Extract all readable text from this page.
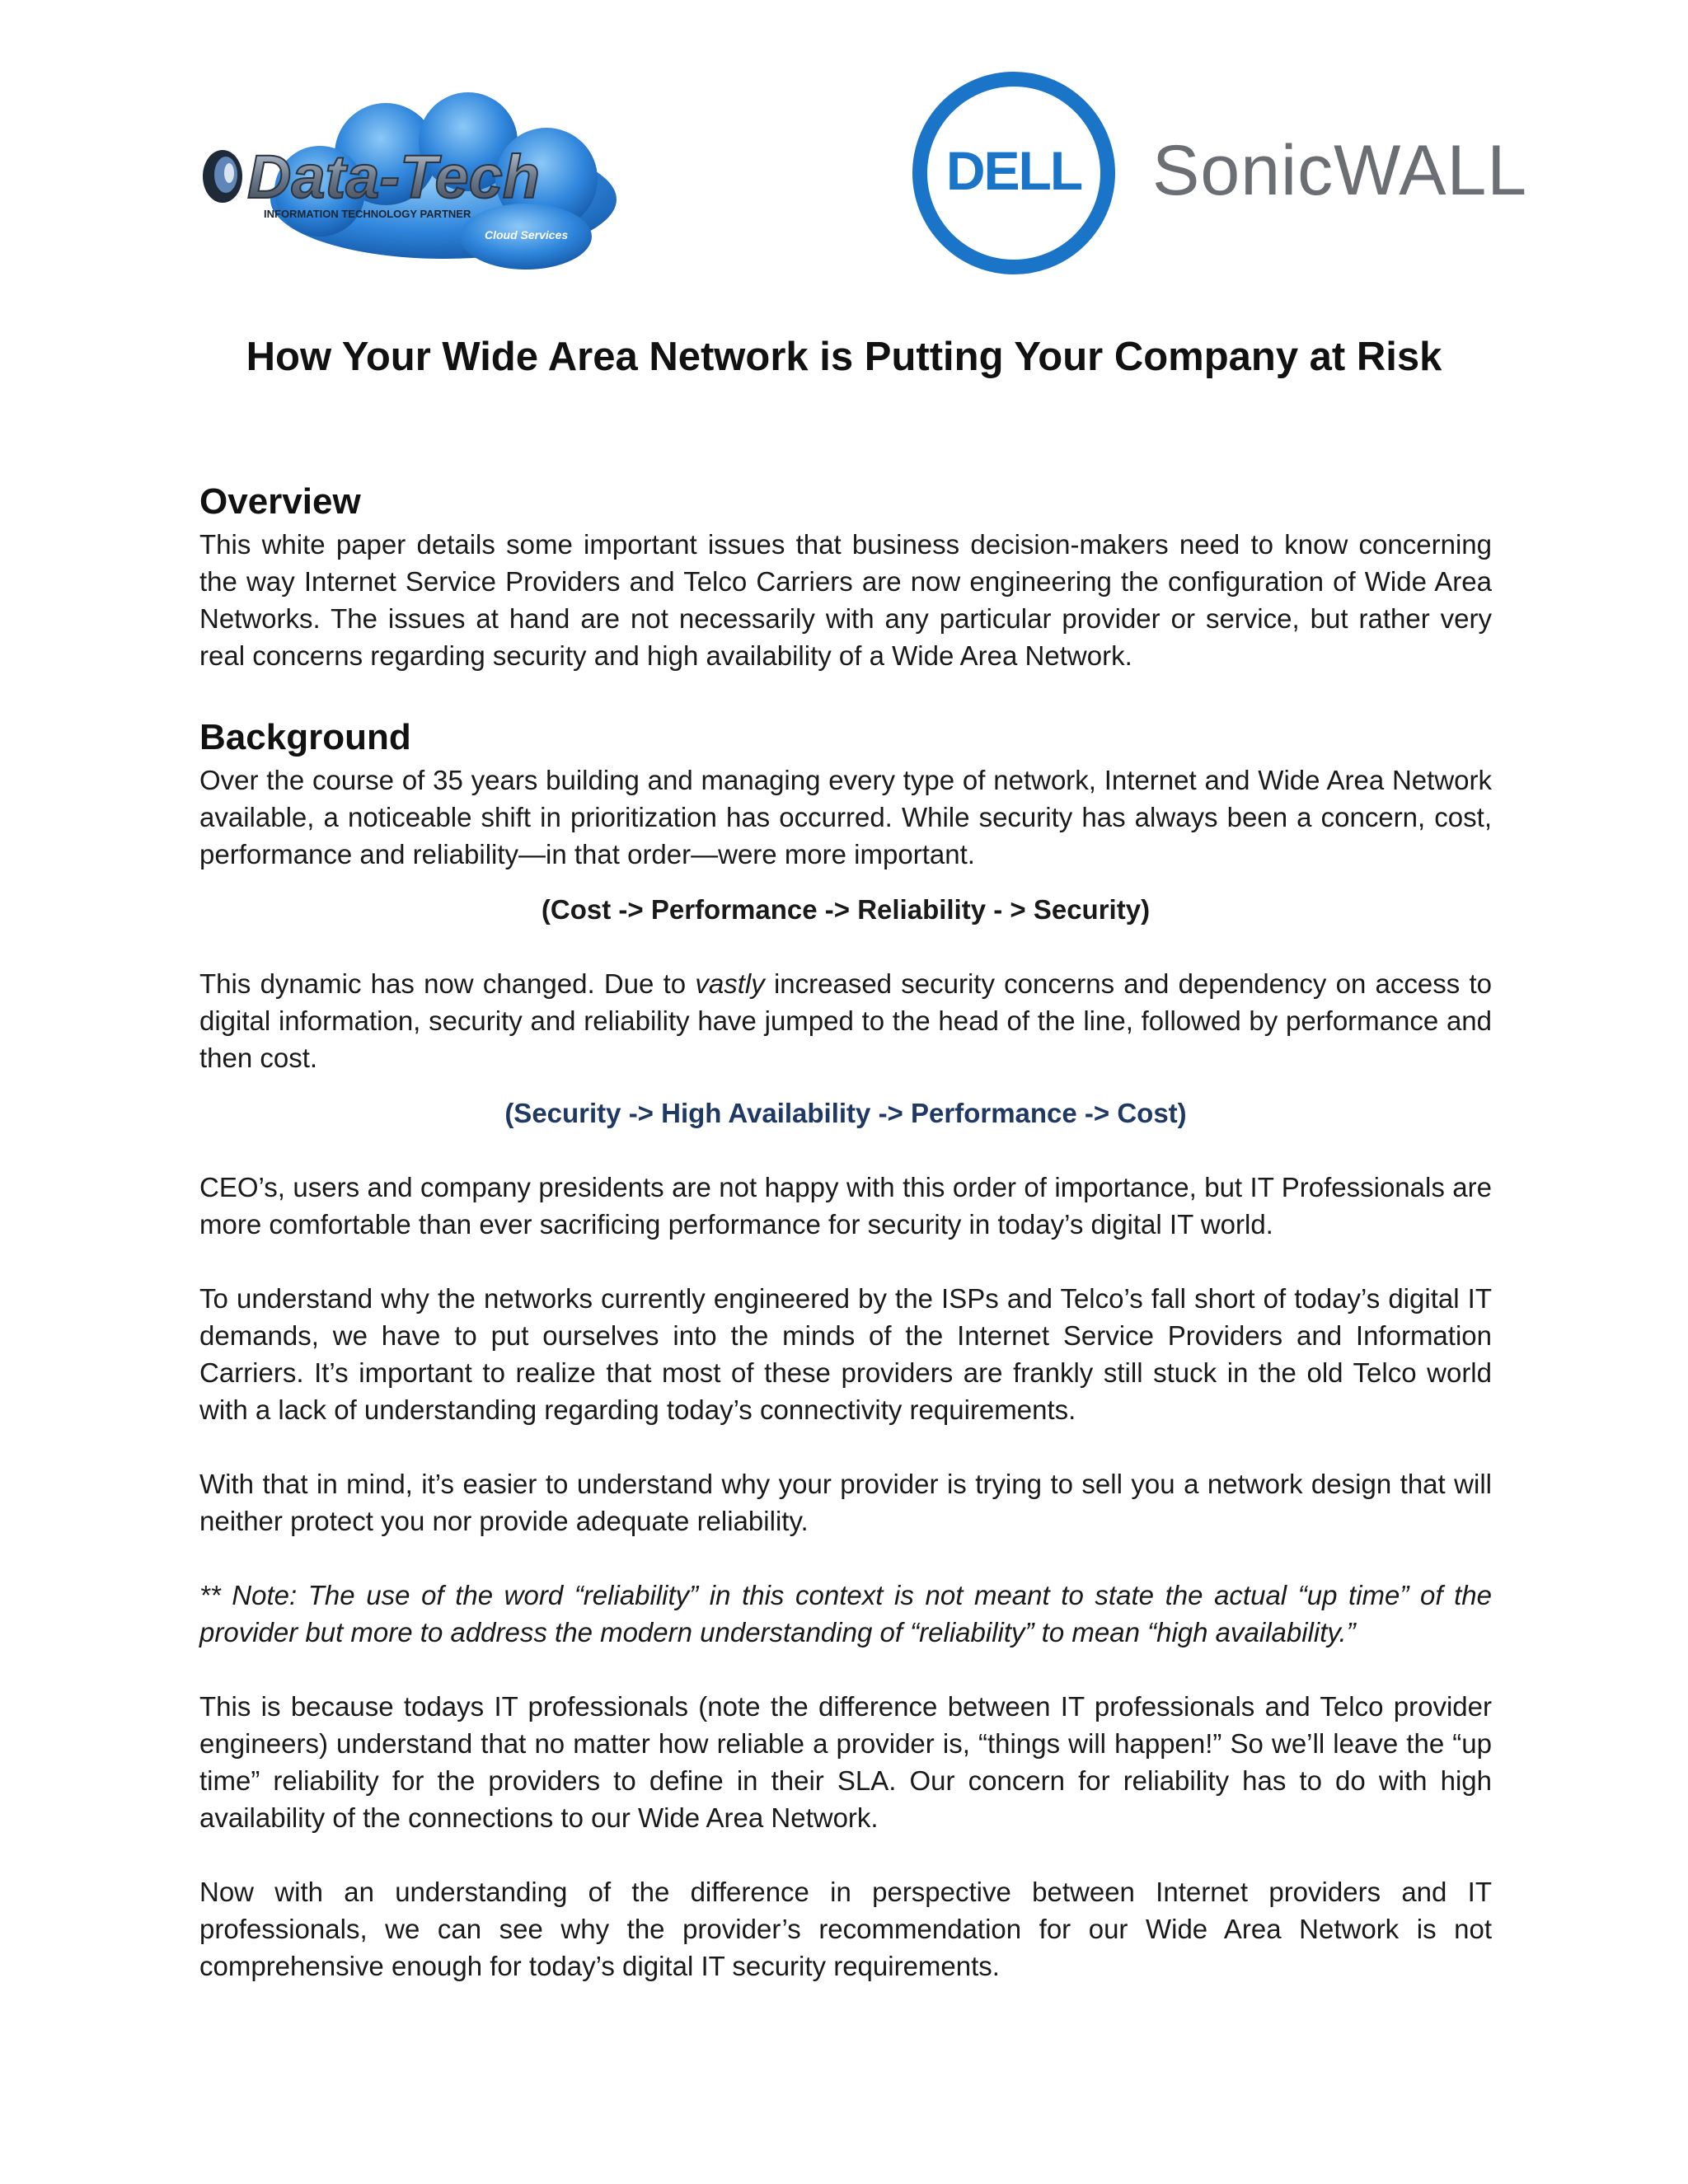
Data-Tech
INFORMATION TECHNOLOGY PARTNER
Cloud Services
DELL SonicWALL
How Your Wide Area Network is Putting Your Company at Risk
Overview

This white paper details some important issues that business decision-makers need to know concerning the way Internet Service Providers and Telco Carriers are now engineering the configuration of Wide Area Networks. The issues at hand are not necessarily with any particular provider or service, but rather very real concerns regarding security and high availability of a Wide Area Network.

Background

Over the course of 35 years building and managing every type of network, Internet and Wide Area Network available, a noticeable shift in prioritization has occurred. While security has always been a concern, cost, performance and reliability—in that order—were more important.

(Cost -> Performance -> Reliability - > Security)

This dynamic has now changed. Due to vastly increased security concerns and dependency on access to digital information, security and reliability have jumped to the head of the line, followed by performance and then cost.

(Security -> High Availability -> Performance -> Cost)

CEO’s, users and company presidents are not happy with this order of importance, but IT Professionals are more comfortable than ever sacrificing performance for security in today’s digital IT world.

To understand why the networks currently engineered by the ISPs and Telco’s fall short of today’s digital IT demands, we have to put ourselves into the minds of the Internet Service Providers and Information Carriers. It’s important to realize that most of these providers are frankly still stuck in the old Telco world with a lack of understanding regarding today’s connectivity requirements.

With that in mind, it’s easier to understand why your provider is trying to sell you a network design that will neither protect you nor provide adequate reliability.

** Note: The use of the word “reliability” in this context is not meant to state the actual “up time” of the provider but more to address the modern understanding of “reliability” to mean “high availability.”

This is because todays IT professionals (note the difference between IT professionals and Telco provider engineers) understand that no matter how reliable a provider is, “things will happen!” So we’ll leave the “up time” reliability for the providers to define in their SLA. Our concern for reliability has to do with high availability of the connections to our Wide Area Network.

Now with an understanding of the difference in perspective between Internet providers and IT professionals, we can see why the provider’s recommendation for our Wide Area Network is not comprehensive enough for today’s digital IT security requirements.
